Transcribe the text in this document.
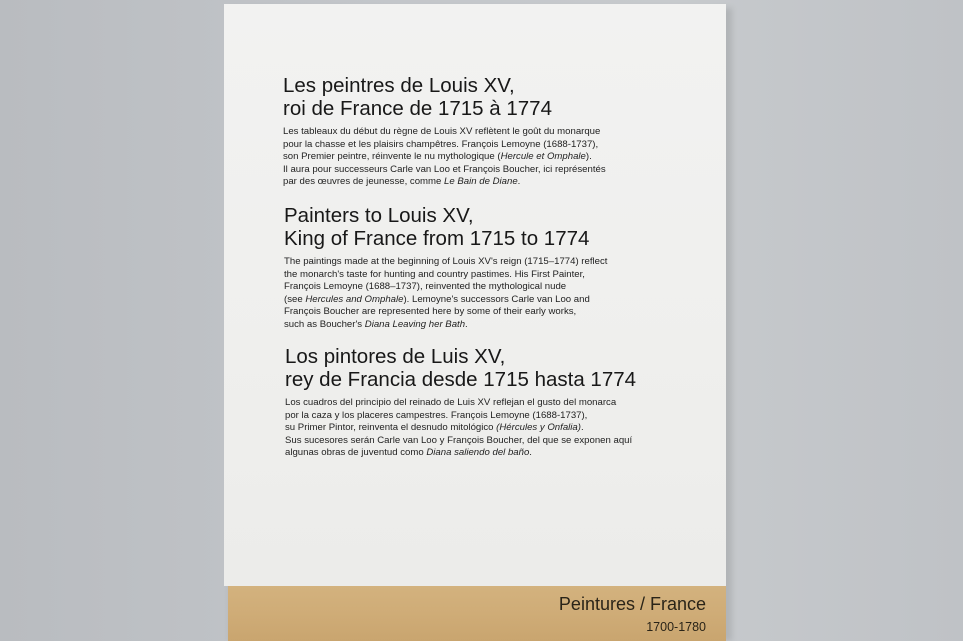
Les peintres de Louis XV,
roi de France de 1715 à 1774
Les tableaux du début du règne de Louis XV reflètent le goût du monarque
pour la chasse et les plaisirs champêtres. François Lemoyne (1688-1737),
son Premier peintre, réinvente le nu mythologique (Hercule et Omphale).
Il aura pour successeurs Carle van Loo et François Boucher, ici représentés
par des œuvres de jeunesse, comme Le Bain de Diane.
Painters to Louis XV,
King of France from 1715 to 1774
The paintings made at the beginning of Louis XV's reign (1715–1774) reflect
the monarch's taste for hunting and country pastimes. His First Painter,
François Lemoyne (1688–1737), reinvented the mythological nude
(see Hercules and Omphale). Lemoyne's successors Carle van Loo and
François Boucher are represented here by some of their early works,
such as Boucher's Diana Leaving her Bath.
Los pintores de Luis XV,
rey de Francia desde 1715 hasta 1774
Los cuadros del principio del reinado de Luis XV reflejan el gusto del monarca
por la caza y los placeres campestres. François Lemoyne (1688-1737),
su Primer Pintor, reinventa el desnudo mitológico (Hércules y Onfalia).
Sus sucesores serán Carle van Loo y François Boucher, del que se exponen aquí
algunas obras de juventud como Diana saliendo del baño.
Peintures / France
1700-1780
